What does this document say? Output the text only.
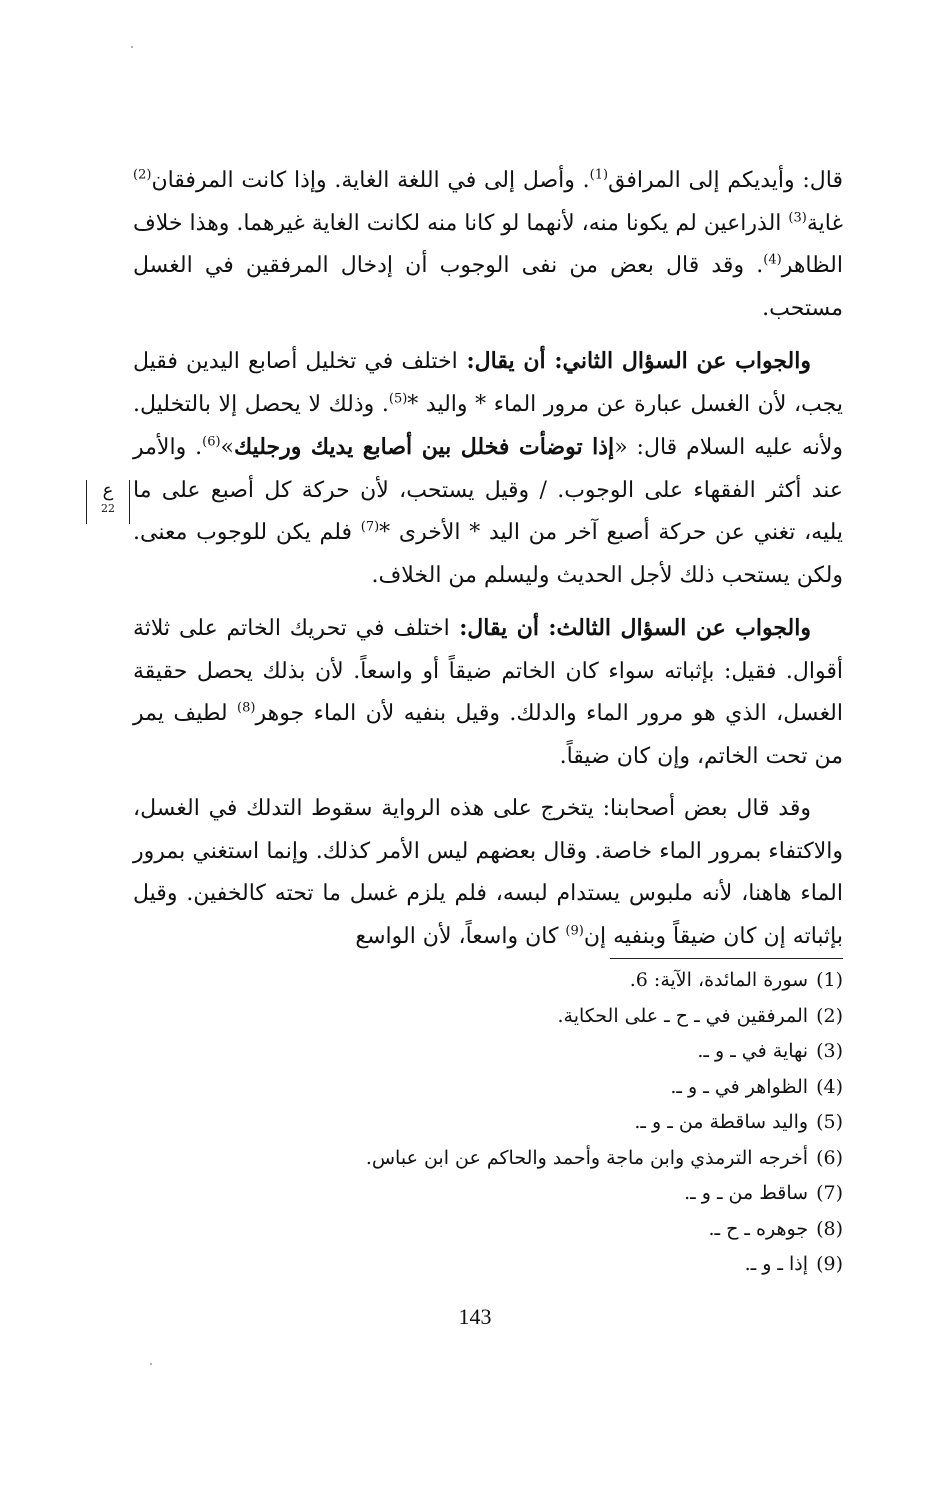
قال: وأيديكم إلى المرافق$^{(1)}$. وأصل إلى في اللغة الغاية. وإذا كانت المرفقان$^{(2)}$ غاية$^{(3)}$ الذراعين لم يكونا منه، لأنهما لو كانا منه لكانت الغاية غيرهما. وهذا خلاف الظاهر$^{(4)}$. وقد قال بعض من نفى الوجوب أن إدخال المرفقين في الغسل مستحب.

والجواب عن السؤال الثاني: أن يقال: اختلف في تخليل أصابع اليدين فقيل يجب، لأن الغسل عبارة عن مرور الماء * واليد *$^{(5)}$. وذلك لا يحصل إلا بالتخليل. ولأنه عليه السلام قال: «إذا توضأت فخلل بين أصابع يديك ورجليك»$^{(6)}$. والأمر عند أكثر الفقهاء على الوجوب. / وقيل يستحب، لأن حركة كل أصبع على ما يليه، تغني عن حركة أصبع آخر من اليد * الأخرى *$^{(7)}$ فلم يكن للوجوب معنى. ولكن يستحب ذلك لأجل الحديث وليسلم من الخلاف.

والجواب عن السؤال الثالث: أن يقال: اختلف في تحريك الخاتم على ثلاثة أقوال. فقيل: بإثباته سواء كان الخاتم ضيقاً أو واسعاً. لأن بذلك يحصل حقيقة الغسل، الذي هو مرور الماء والدلك. وقيل بنفيه لأن الماء جوهر$^{(8)}$ لطيف يمر من تحت الخاتم، وإن كان ضيقاً.

وقد قال بعض أصحابنا: يتخرج على هذه الرواية سقوط التدلك في الغسل، والاكتفاء بمرور الماء خاصة. وقال بعضهم ليس الأمر كذلك. وإنما استغني بمرور الماء هاهنا، لأنه ملبوس يستدام لبسه، فلم يلزم غسل ما تحته كالخفين. وقيل بإثباته إن كان ضيقاً وبنفيه إن$^{(9)}$ كان واسعاً، لأن الواسع

ع
22
(1)سورة المائدة، الآية: 6.
(2)المرفقين في ـ ح ـ على الحكاية.
(3)نهاية في ـ و ـ.
(4)الظواهر في ـ و ـ.
(5)واليد ساقطة من ـ و ـ.
(6)أخرجه الترمذي وابن ماجة وأحمد والحاكم عن ابن عباس.
(7)ساقط من ـ و ـ.
(8)جوهره ـ ح ـ.
(9)إذا ـ و ـ.
143
